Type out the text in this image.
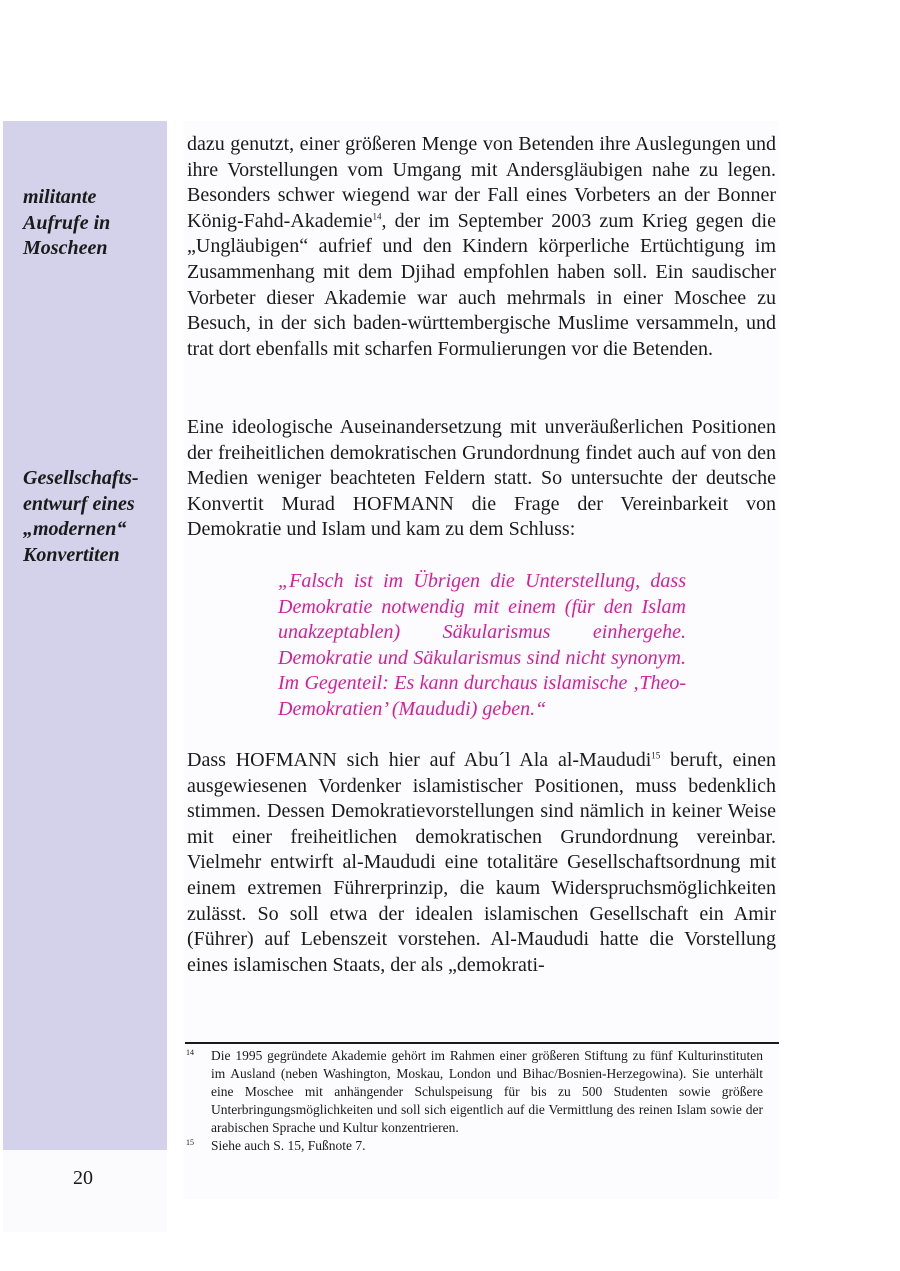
militante
Aufrufe in
Moscheen
Gesellschafts-
entwurf eines
„modernen“
Konvertiten

dazu genutzt, einer größeren Menge von Betenden ihre Auslegungen und ihre Vorstellungen vom Umgang mit Andersgläubigen nahe zu legen. Besonders schwer wiegend war der Fall eines Vorbeters an der Bonner König-Fahd-Akademie$^{14}$, der im September 2003 zum Krieg gegen die „Ungläubigen“ aufrief und den Kindern körperliche Ertüchtigung im Zusammenhang mit dem Djihad empfohlen haben soll. Ein saudischer Vorbeter dieser Akademie war auch mehrmals in einer Moschee zu Besuch, in der sich baden-württembergische Muslime versammeln, und trat dort ebenfalls mit scharfen Formulierungen vor die Betenden.

Eine ideologische Auseinandersetzung mit unveräußerlichen Positionen der freiheitlichen demokratischen Grundordnung findet auch auf von den Medien weniger beachteten Feldern statt. So untersuchte der deutsche Konvertit Murad HOFMANN die Frage der Vereinbarkeit von Demokratie und Islam und kam zu dem Schluss:

„Falsch ist im Übrigen die Unterstellung, dass Demokratie notwendig mit einem (für den Islam unakzeptablen) Säkularismus einhergehe. Demokratie und Säkularismus sind nicht synonym. Im Gegenteil: Es kann durchaus islamische ‚Theo-Demokratien’ (Maududi) geben.“

Dass HOFMANN sich hier auf Abu´l Ala al-Maududi$^{15}$ beruft, einen ausgewiesenen Vordenker islamistischer Positionen, muss bedenklich stimmen. Dessen Demokratievorstellungen sind nämlich in keiner Weise mit einer freiheitlichen demokratischen Grundordnung vereinbar. Vielmehr entwirft al-Maududi eine totalitäre Gesellschaftsordnung mit einem extremen Führerprinzip, die kaum Widerspruchsmöglichkeiten zulässt. So soll etwa der idealen islamischen Gesellschaft ein Amir (Führer) auf Lebenszeit vorstehen. Al-Maududi hatte die Vorstellung eines islamischen Staats, der als „demokrati-

14 Die 1995 gegründete Akademie gehört im Rahmen einer größeren Stiftung zu fünf Kulturinstituten im Ausland (neben Washington, Moskau, London und Bihac/Bosnien-Herzegowina). Sie unterhält eine Moschee mit anhängender Schulspeisung für bis zu 500 Studenten sowie größere Unterbringungsmöglichkeiten und soll sich eigentlich auf die Vermittlung des reinen Islam sowie der arabischen Sprache und Kultur konzentrieren.
15 Siehe auch S. 15, Fußnote 7.
20
